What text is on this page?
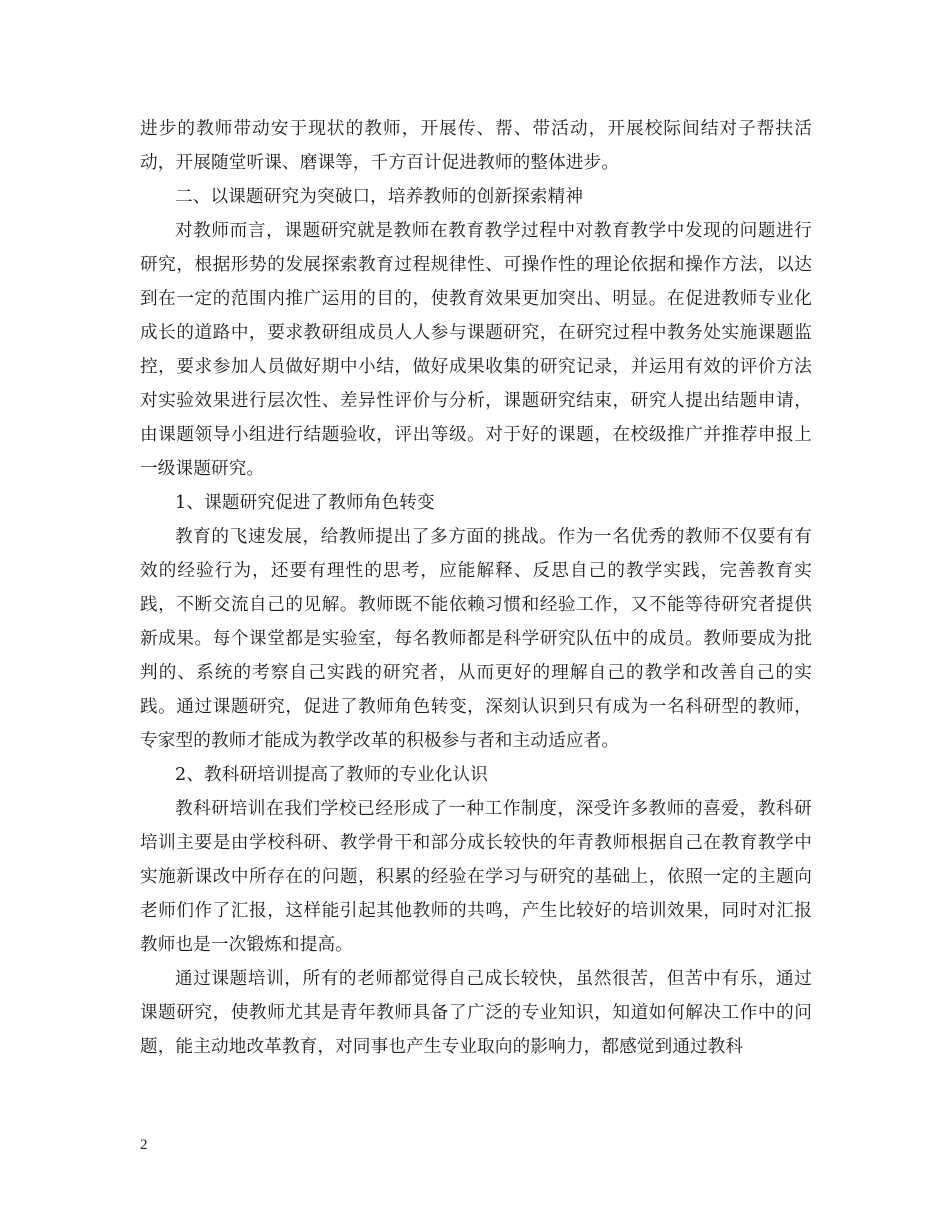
进步的教师带动安于现状的教师，开展传、帮、带活动，开展校际间结对子帮扶活动，开展随堂听课、磨课等，千方百计促进教师的整体进步。

二、以课题研究为突破口，培养教师的创新探索精神

对教师而言，课题研究就是教师在教育教学过程中对教育教学中发现的问题进行研究，根据形势的发展探索教育过程规律性、可操作性的理论依据和操作方法，以达到在一定的范围内推广运用的目的，使教育效果更加突出、明显。在促进教师专业化成长的道路中，要求教研组成员人人参与课题研究，在研究过程中教务处实施课题监控，要求参加人员做好期中小结，做好成果收集的研究记录，并运用有效的评价方法对实验效果进行层次性、差异性评价与分析，课题研究结束，研究人提出结题申请，由课题领导小组进行结题验收，评出等级。对于好的课题，在校级推广并推荐申报上一级课题研究。

1、课题研究促进了教师角色转变

教育的飞速发展，给教师提出了多方面的挑战。作为一名优秀的教师不仅要有有效的经验行为，还要有理性的思考，应能解释、反思自己的教学实践，完善教育实践，不断交流自己的见解。教师既不能依赖习惯和经验工作，又不能等待研究者提供新成果。每个课堂都是实验室，每名教师都是科学研究队伍中的成员。教师要成为批判的、系统的考察自己实践的研究者，从而更好的理解自己的教学和改善自己的实践。通过课题研究，促进了教师角色转变，深刻认识到只有成为一名科研型的教师，专家型的教师才能成为教学改革的积极参与者和主动适应者。

2、教科研培训提高了教师的专业化认识

教科研培训在我们学校已经形成了一种工作制度，深受许多教师的喜爱，教科研培训主要是由学校科研、教学骨干和部分成长较快的年青教师根据自己在教育教学中实施新课改中所存在的问题，积累的经验在学习与研究的基础上，依照一定的主题向老师们作了汇报，这样能引起其他教师的共鸣，产生比较好的培训效果，同时对汇报教师也是一次锻炼和提高。

通过课题培训，所有的老师都觉得自己成长较快，虽然很苦，但苦中有乐，通过课题研究，使教师尤其是青年教师具备了广泛的专业知识，知道如何解决工作中的问题，能主动地改革教育，对同事也产生专业取向的影响力，都感觉到通过教科

2
